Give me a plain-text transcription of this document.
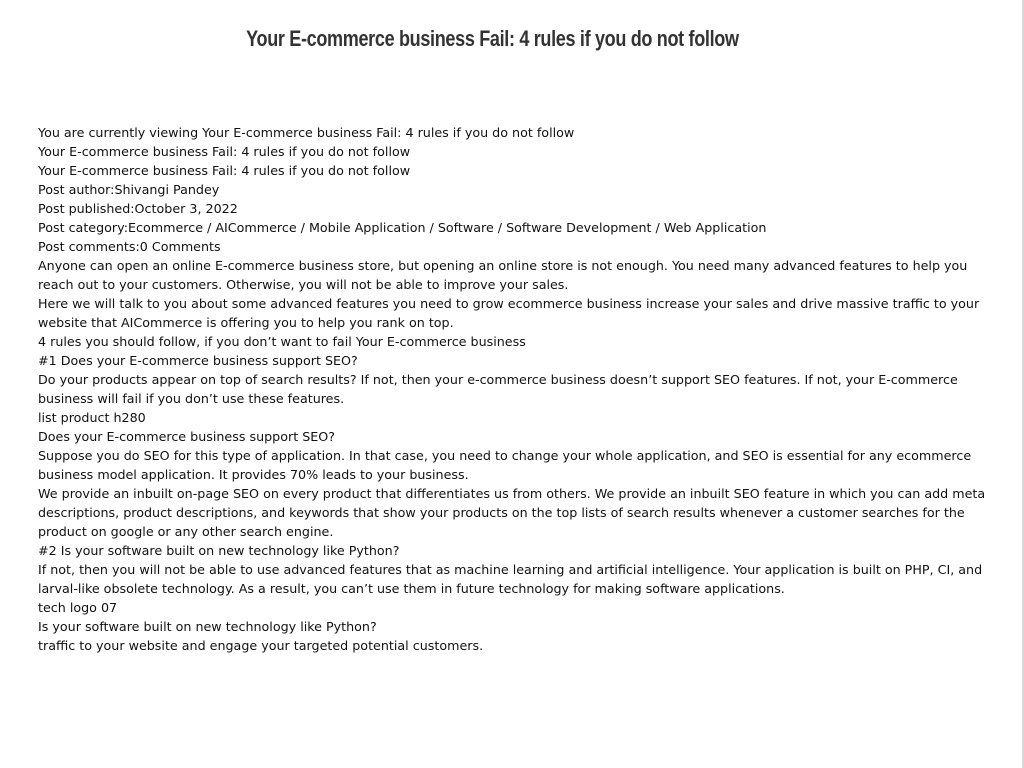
Your E-commerce business Fail: 4 rules if you do not follow

You are currently viewing Your E-commerce business Fail: 4 rules if you do not follow

Your E-commerce business Fail: 4 rules if you do not follow

Your E-commerce business Fail: 4 rules if you do not follow

Post author:Shivangi Pandey

Post published:October 3, 2022

Post category:Ecommerce / AICommerce / Mobile Application / Software / Software Development / Web Application

Post comments:0 Comments

Anyone can open an online E-commerce business store, but opening an online store is not enough. You need many advanced features to help you reach out to your customers. Otherwise, you will not be able to improve your sales.

Here we will talk to you about some advanced features you need to grow ecommerce business increase your sales and drive massive traffic to your website that AICommerce is offering you to help you rank on top.

4 rules you should follow, if you don’t want to fail Your E-commerce business

#1 Does your E-commerce business support SEO?

Do your products appear on top of search results? If not, then your e-commerce business doesn’t support SEO features. If not, your E-commerce business will fail if you don’t use these features.

list product h280

Does your E-commerce business support SEO?

Suppose you do SEO for this type of application. In that case, you need to change your whole application, and SEO is essential for any ecommerce business model application. It provides 70% leads to your business.

We provide an inbuilt on-page SEO on every product that differentiates us from others. We provide an inbuilt SEO feature in which you can add meta descriptions, product descriptions, and keywords that show your products on the top lists of search results whenever a customer searches for the product on google or any other search engine.

#2 Is your software built on new technology like Python?

If not, then you will not be able to use advanced features that as machine learning and artificial intelligence. Your application is built on PHP, CI, and larval-like obsolete technology. As a result, you can’t use them in future technology for making software applications.

tech logo 07

Is your software built on new technology like Python?

traffic to your website and engage your targeted potential customers.
